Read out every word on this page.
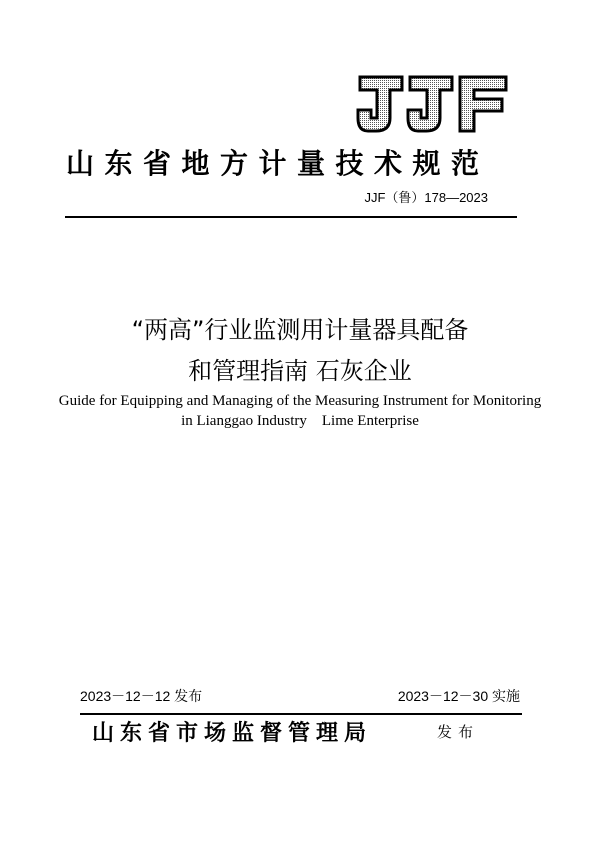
山东省地方计量技术规范
JJF（鲁）178—2023
“两高”行业监测用计量器具配备
和管理指南 石灰企业
Guide for Equipping and Managing of the Measuring Instrument for Monitoring
in Lianggao Industry    Lime Enterprise
2023－12－12 发布	2023－12－30 实施
山东省市场监督管理局	发布
